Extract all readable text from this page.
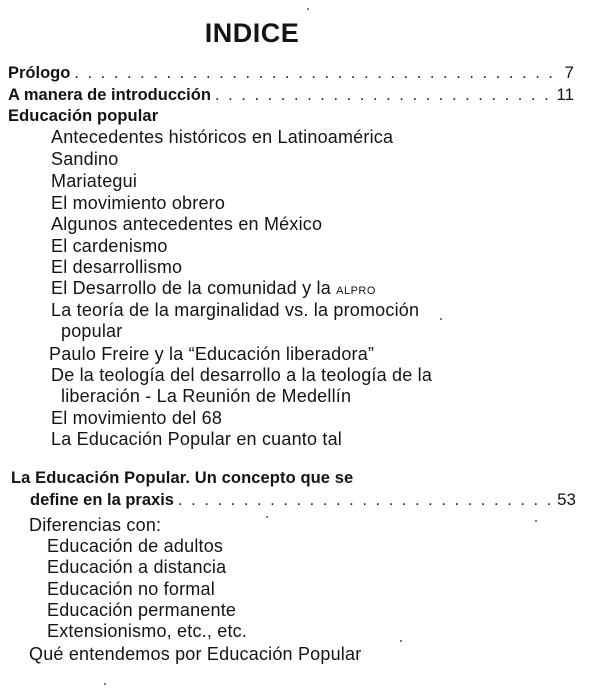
INDICE
Prólogo . . .	7
A manera de introducción . . .	11
Educación popular
Antecedentes históricos en Latinoamérica
Sandino
Mariategui
El movimiento obrero
Algunos antecedentes en México
El cardenismo
El desarrollismo
El Desarrollo de la comunidad y la ALPRO
La teoría de la marginalidad vs. la promoción
popular
Paulo Freire y la “Educación liberadora”
De la teología del desarrollo a la teología de la
liberación - La Reunión de Medellín
El movimiento del 68
La Educación Popular en cuanto tal
La Educación Popular. Un concepto que se
define en la praxis . . .	53
Diferencias con:
Educación de adultos
Educación a distancia
Educación no formal
Educación permanente
Extensionismo, etc., etc.
Qué entendemos por Educación Popular
